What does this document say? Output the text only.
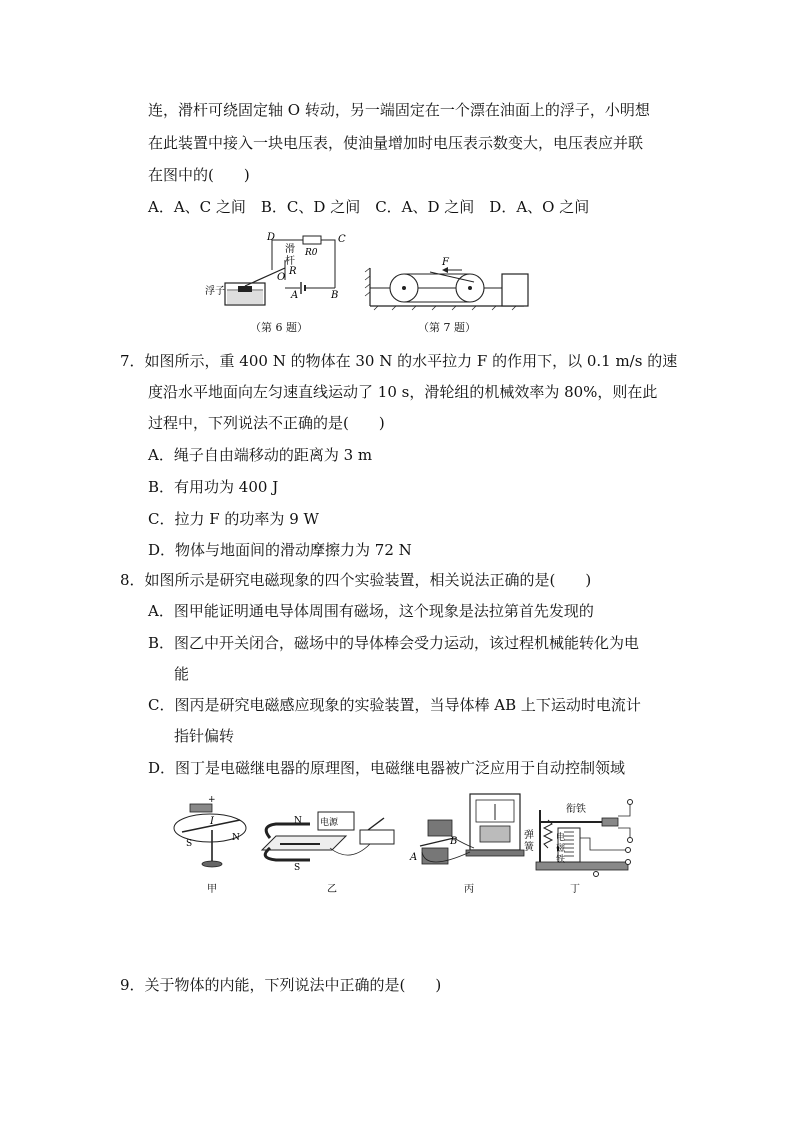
连，滑杆可绕固定轴 O 转动，另一端固定在一个漂在油面上的浮子，小明想
在此装置中接入一块电压表，使油量增加时电压表示数变大，电压表应并联
在图中的(　　)
A．A、C 之间　B．C、D 之间　C．A、D 之间　D．A、O 之间
D	C
滑
杆
R0
O
R
A	B
浮子
（第 6 题）
F
（第 7 题）
7．如图所示，重 400 N 的物体在 30 N 的水平拉力 F 的作用下，以 0.1 m/s 的速
度沿水平地面向左匀速直线运动了 10 s，滑轮组的机械效率为 80%，则在此
过程中，下列说法不正确的是(　　)
A．绳子自由端移动的距离为 3 m
B．有用功为 400 J
C．拉力 F 的功率为 9 W
D．物体与地面间的滑动摩擦力为 72 N
8．如图所示是研究电磁现象的四个实验装置，相关说法正确的是(　　)
A．图甲能证明通电导体周围有磁场，这个现象是法拉第首先发现的
B．图乙中开关闭合，磁场中的导体棒会受力运动，该过程机械能转化为电
能
C．图丙是研究电磁感应现象的实验装置，当导体棒 AB 上下运动时电流计
指针偏转
D．图丁是电磁继电器的原理图，电磁继电器被广泛应用于自动控制领域
+
I
S
N
甲
N
S
电源
乙
A
B
丙
衔铁
弹
簧
电
磁
铁
丁
9．关于物体的内能，下列说法中正确的是(　　)
